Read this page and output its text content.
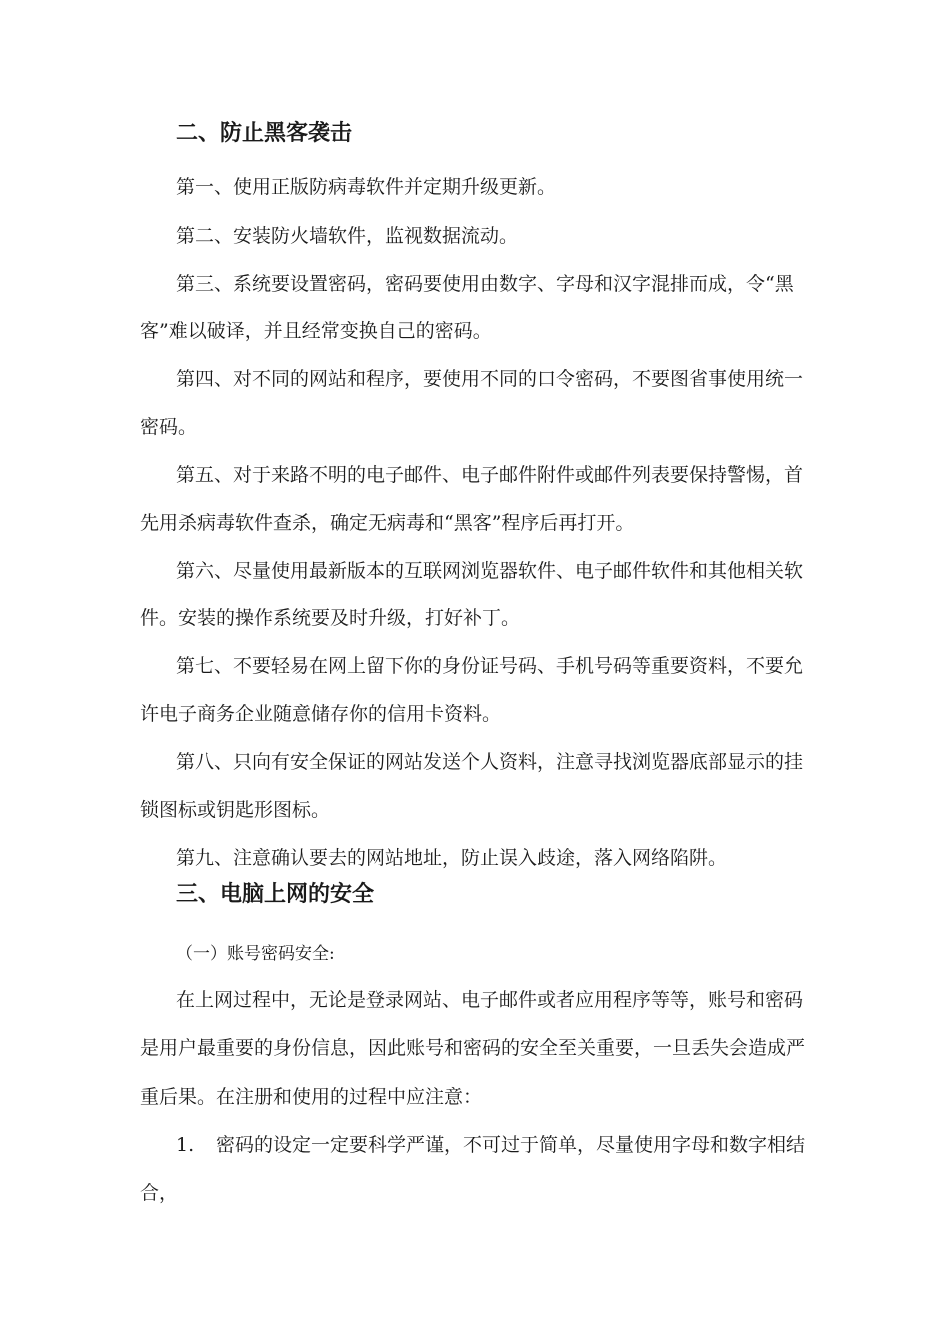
二、防止黑客袭击

第一、使用正版防病毒软件并定期升级更新。

第二、安装防火墙软件，监视数据流动。

第三、系统要设置密码，密码要使用由数字、字母和汉字混排而成，令“黑

客”难以破译，并且经常变换自己的密码。

第四、对不同的网站和程序，要使用不同的口令密码，不要图省事使用统一

密码。

第五、对于来路不明的电子邮件、电子邮件附件或邮件列表要保持警惕，首

先用杀病毒软件查杀，确定无病毒和“黑客”程序后再打开。

第六、尽量使用最新版本的互联网浏览器软件、电子邮件软件和其他相关软

件。安装的操作系统要及时升级，打好补丁。

第七、不要轻易在网上留下你的身份证号码、手机号码等重要资料，不要允

许电子商务企业随意储存你的信用卡资料。

第八、只向有安全保证的网站发送个人资料，注意寻找浏览器底部显示的挂

锁图标或钥匙形图标。

第九、注意确认要去的网站地址，防止误入歧途，落入网络陷阱。

三、电脑上网的安全

（一）账号密码安全:

在上网过程中，无论是登录网站、电子邮件或者应用程序等等，账号和密码

是用户最重要的身份信息，因此账号和密码的安全至关重要，一旦丢失会造成严

重后果。在注册和使用的过程中应注意：

1. 密码的设定一定要科学严谨，不可过于简单，尽量使用字母和数字相结

合，
